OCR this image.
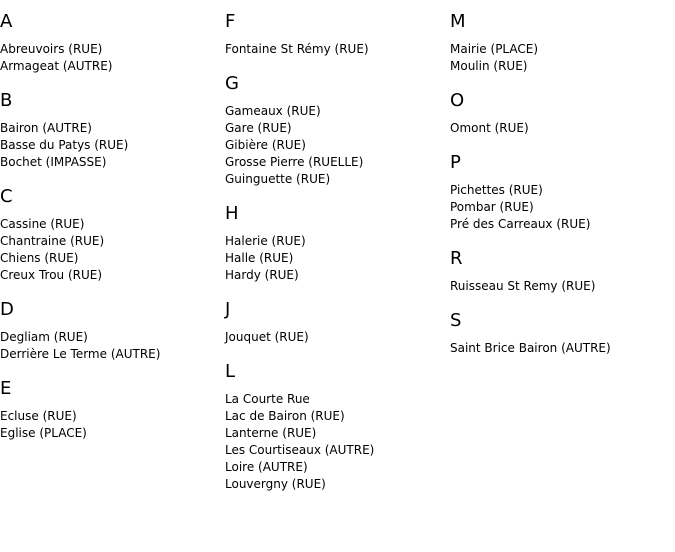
A
Abreuvoirs (RUE)
Armageat (AUTRE)
B
Bairon (AUTRE)
Basse du Patys (RUE)
Bochet (IMPASSE)
C
Cassine (RUE)
Chantraine (RUE)
Chiens (RUE)
Creux Trou (RUE)
D
Degliam (RUE)
Derrière Le Terme (AUTRE)
E
Ecluse (RUE)
Eglise (PLACE)
F
Fontaine St Rémy (RUE)
G
Gameaux (RUE)
Gare (RUE)
Gibière (RUE)
Grosse Pierre (RUELLE)
Guinguette (RUE)
H
Halerie (RUE)
Halle (RUE)
Hardy (RUE)
J
Jouquet (RUE)
L
La Courte Rue
Lac de Bairon (RUE)
Lanterne (RUE)
Les Courtiseaux (AUTRE)
Loire (AUTRE)
Louvergny (RUE)
M
Mairie (PLACE)
Moulin (RUE)
O
Omont (RUE)
P
Pichettes (RUE)
Pombar (RUE)
Pré des Carreaux (RUE)
R
Ruisseau St Remy (RUE)
S
Saint Brice Bairon (AUTRE)
